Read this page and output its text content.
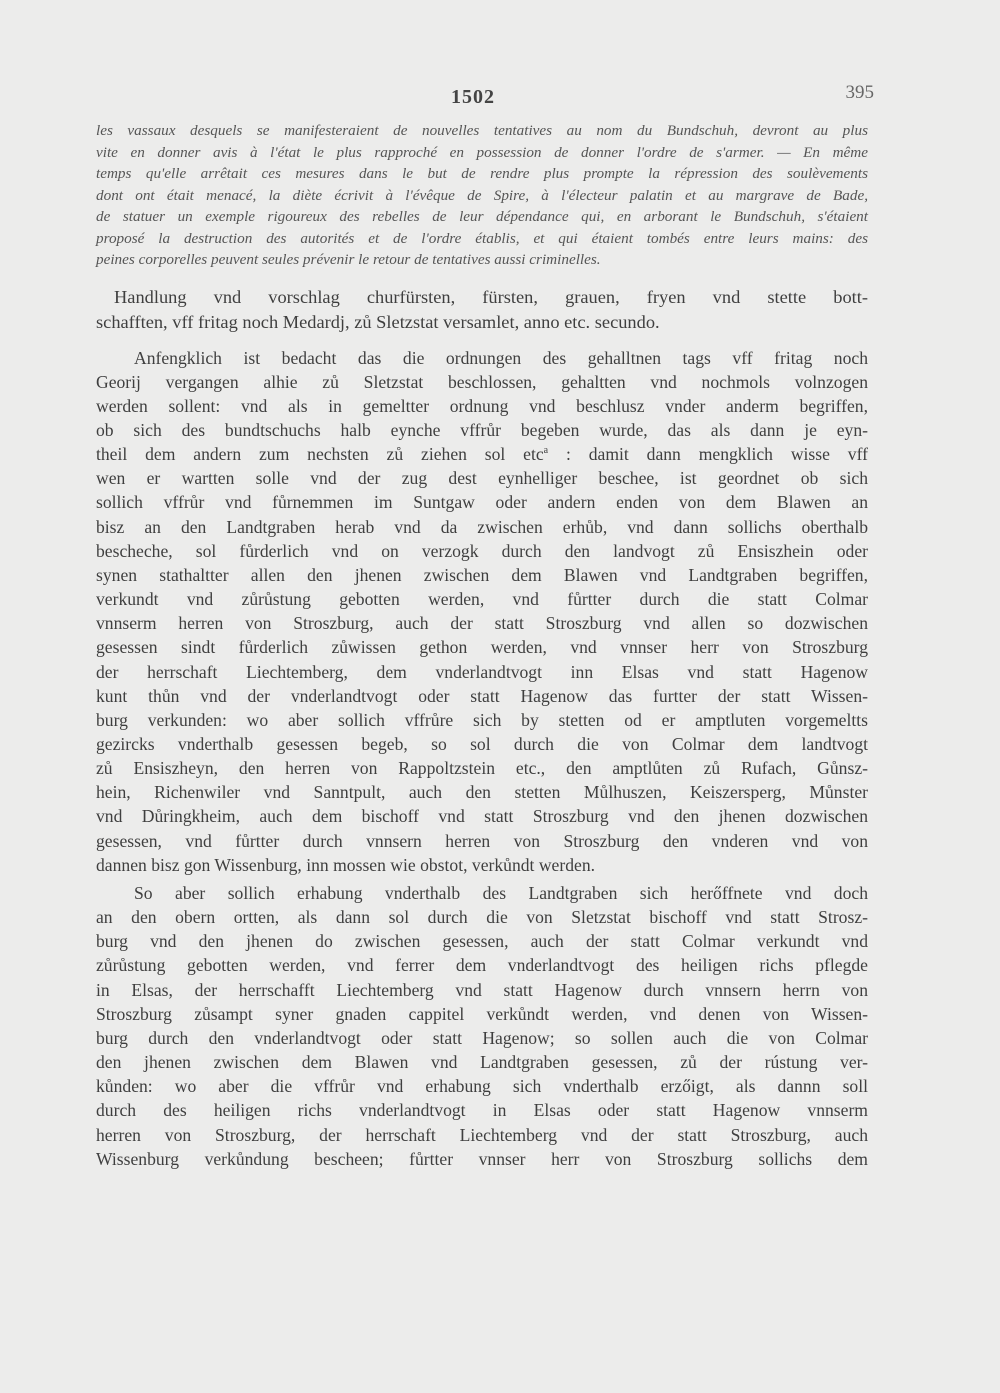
1502	395
les vassaux desquels se manifesteraient de nouvelles tentatives au nom du Bundschuh, devront au plus
vite en donner avis à l'état le plus rapproché en possession de donner l'ordre de s'armer. — En même
temps qu'elle arrêtait ces mesures dans le but de rendre plus prompte la répression des soulèvements
dont ont était menacé, la diète écrivit à l'évêque de Spire, à l'électeur palatin et au margrave de Bade,
de statuer un exemple rigoureux des rebelles de leur dépendance qui, en arborant le Bundschuh, s'étaient
proposé la destruction des autorités et de l'ordre établis, et qui étaient tombés entre leurs mains: des
peines corporelles peuvent seules prévenir le retour de tentatives aussi criminelles.
Handlung vnd vorschlag churfürsten, fürsten, grauen, fryen vnd stette bott-
schafften, vff fritag noch Medardj, zů Sletzstat versamlet, anno etc. secundo.
Anfengklich ist bedacht das die ordnungen des gehalltnen tags vff fritag noch
Georij vergangen alhie zů Sletzstat beschlossen, gehaltten vnd nochmols volnzogen
werden sollent: vnd als in gemeltter ordnung vnd beschlusz vnder anderm begriffen,
ob sich des bundtschuchs halb eynche vffrůr begeben wurde, das als dann je eyn-
theil dem andern zum nechsten zů ziehen sol etc$^a$ : damit dann mengklich wisse vff
wen er wartten solle vnd der zug dest eynhelliger beschee, ist geordnet ob sich
sollich vffrůr vnd fůrnemmen im Suntgaw oder andern enden von dem Blawen an
bisz an den Landtgraben herab vnd da zwischen erhůb, vnd dann sollichs oberthalb
bescheche, sol fůrderlich vnd on verzogk durch den landvogt zů Ensiszhein oder
synen stathaltter allen den jhenen zwischen dem Blawen vnd Landtgraben begriffen,
verkundt vnd zůrůstung gebotten werden, vnd fůrtter durch die statt Colmar
vnnserm herren von Stroszburg, auch der statt Stroszburg vnd allen so dozwischen
gesessen sindt fůrderlich zůwissen gethon werden, vnd vnnser herr von Stroszburg
der herrschaft Liechtemberg, dem vnderlandtvogt inn Elsas vnd statt Hagenow
kunt thůn vnd der vnderlandtvogt oder statt Hagenow das furtter der statt Wissen-
burg verkunden: wo aber sollich vffrůre sich by stetten od er amptluten vorgemeltts
gezircks vnderthalb gesessen begeb, so sol durch die von Colmar dem landtvogt
zů Ensiszheyn, den herren von Rappoltzstein etc., den amptlůten zů Rufach, Gůnsz-
hein, Richenwiler vnd Sanntpult, auch den stetten Můlhuszen, Keiszersperg, Můnster
vnd Důringkheim, auch dem bischoff vnd statt Stroszburg vnd den jhenen dozwischen
gesessen, vnd fůrtter durch vnnsern herren von Stroszburg den vnderen vnd von
dannen bisz gon Wissenburg, inn mossen wie obstot, verkůndt werden.
So aber sollich erhabung vnderthalb des Landtgraben sich herőffnete vnd doch
an den obern ortten, als dann sol durch die von Sletzstat bischoff vnd statt Strosz-
burg vnd den jhenen do zwischen gesessen, auch der statt Colmar verkundt vnd
zůrůstung gebotten werden, vnd ferrer dem vnderlandtvogt des heiligen richs pflegde
in Elsas, der herrschafft Liechtemberg vnd statt Hagenow durch vnnsern herrn von
Stroszburg zůsampt syner gnaden cappitel verkůndt werden, vnd denen von Wissen-
burg durch den vnderlandtvogt oder statt Hagenow; so sollen auch die von Colmar
den jhenen zwischen dem Blawen vnd Landtgraben gesessen, zů der rústung ver-
kůnden: wo aber die vffrůr vnd erhabung sich vnderthalb erzőigt, als dannn soll
durch des heiligen richs vnderlandtvogt in Elsas oder statt Hagenow vnnserm
herren von Stroszburg, der herrschaft Liechtemberg vnd der statt Stroszburg, auch
Wissenburg verkůndung bescheen; fůrtter vnnser herr von Stroszburg sollichs dem
